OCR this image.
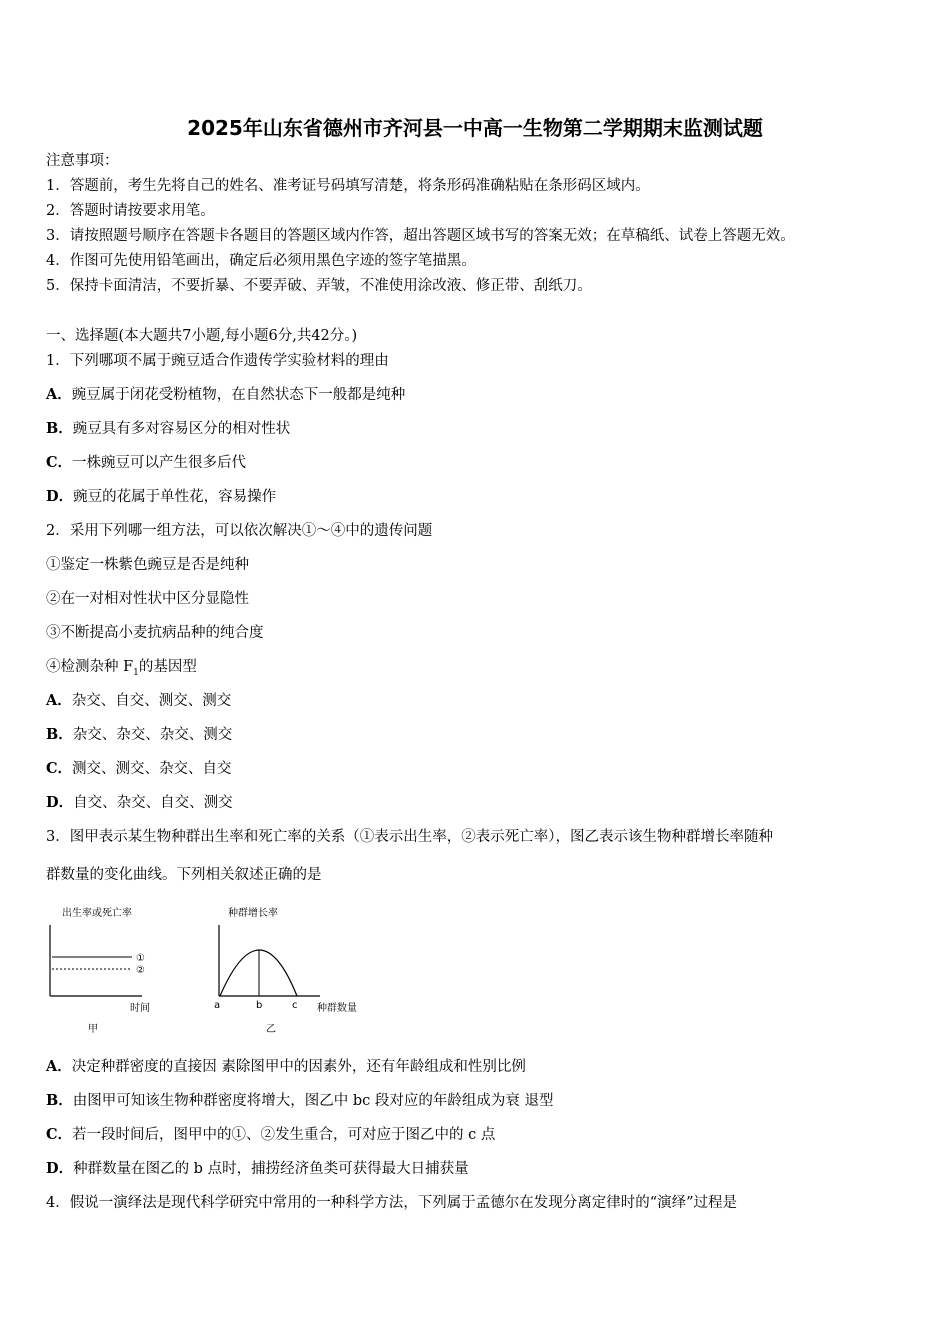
2025年山东省德州市齐河县一中高一生物第二学期期末监测试题
注意事项：
1．答题前，考生先将自己的姓名、准考证号码填写清楚，将条形码准确粘贴在条形码区域内。
2．答题时请按要求用笔。
3．请按照题号顺序在答题卡各题目的答题区域内作答，超出答题区域书写的答案无效；在草稿纸、试卷上答题无效。
4．作图可先使用铅笔画出，确定后必须用黑色字迹的签字笔描黑。
5．保持卡面清洁，不要折暴、不要弄破、弄皱，不准使用涂改液、修正带、刮纸刀。
一、选择题(本大题共7小题,每小题6分,共42分。)
1．下列哪项不属于豌豆适合作遗传学实验材料的理由
A．豌豆属于闭花受粉植物，在自然状态下一般都是纯种
B．豌豆具有多对容易区分的相对性状
C．一株豌豆可以产生很多后代
D．豌豆的花属于单性花，容易操作
2．采用下列哪一组方法，可以依次解决①～④中的遗传问题
①鉴定一株紫色豌豆是否是纯种
②在一对相对性状中区分显隐性
③不断提高小麦抗病品种的纯合度
④检测杂种 $F_1$的基因型
A．杂交、自交、测交、测交
B．杂交、杂交、杂交、测交
C．测交、测交、杂交、自交
D．自交、杂交、自交、测交
3．图甲表示某生物种群出生率和死亡率的关系（①表示出生率，②表示死亡率），图乙表示该生物种群增长率随种
群数量的变化曲线。下列相关叙述正确的是
出生率或死亡率
①
②
时间
甲
种群增长率
a	b	c 种群数量
乙
A．决定种群密度的直接因 素除图甲中的因素外，还有年龄组成和性别比例
B．由图甲可知该生物种群密度将增大，图乙中 bc 段对应的年龄组成为衰 退型
C．若一段时间后，图甲中的①、②发生重合，可对应于图乙中的 c 点
D．种群数量在图乙的 b 点时，捕捞经济鱼类可获得最大日捕获量
4．假说一演绎法是现代科学研究中常用的一种科学方法，下列属于孟德尔在发现分离定律时的“演绎”过程是
